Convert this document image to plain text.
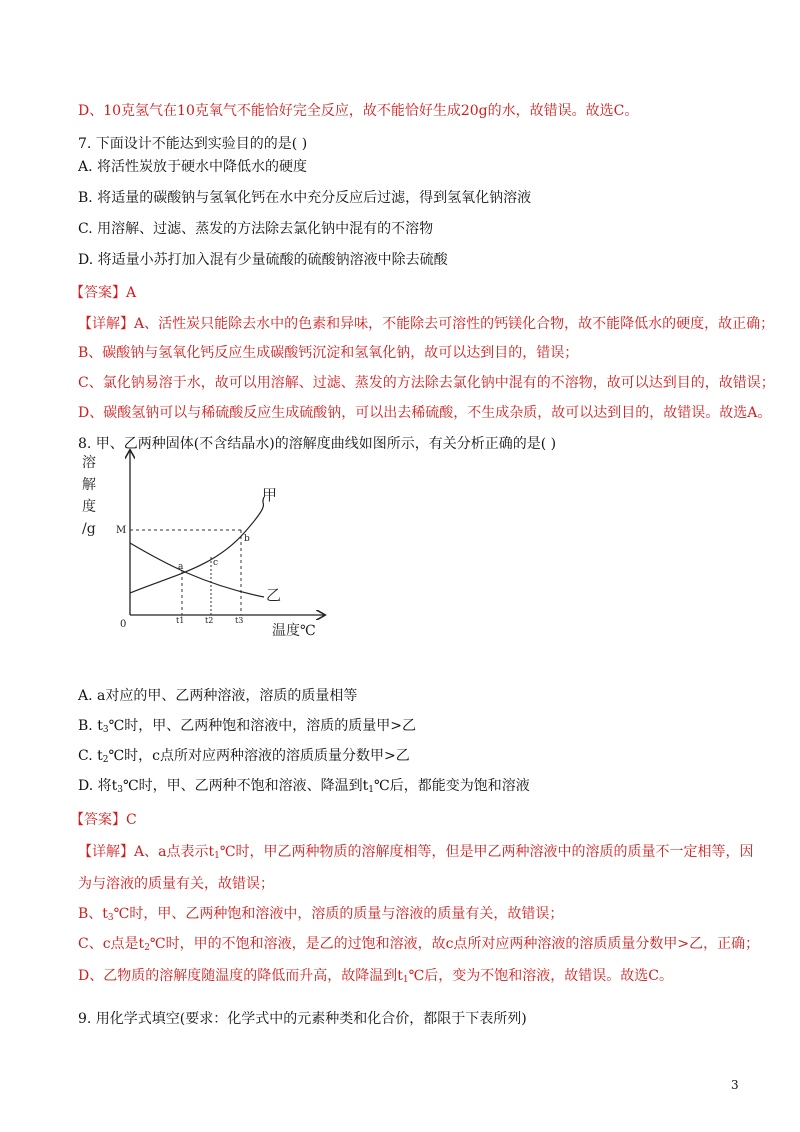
D、10克氢气在10克氧气不能恰好完全反应，故不能恰好生成20g的水，故错误。故选C。
7. 下面设计不能达到实验目的的是( )
A. 将活性炭放于硬水中降低水的硬度
B. 将适量的碳酸钠与氢氧化钙在水中充分反应后过滤，得到氢氧化钠溶液
C. 用溶解、过滤、蒸发的方法除去氯化钠中混有的不溶物
D. 将适量小苏打加入混有少量硫酸的硫酸钠溶液中除去硫酸
【答案】A
【详解】A、活性炭只能除去水中的色素和异味，不能除去可溶性的钙镁化合物，故不能降低水的硬度，故正确；
B、碳酸钠与氢氧化钙反应生成碳酸钙沉淀和氢氧化钠，故可以达到目的，错误；
C、氯化钠易溶于水，故可以用溶解、过滤、蒸发的方法除去氯化钠中混有的不溶物，故可以达到目的，故错误；
D、碳酸氢钠可以与稀硫酸反应生成硫酸钠，可以出去稀硫酸，不生成杂质，故可以达到目的，故错误。故选A。
8. 甲、乙两种固体(不含结晶水)的溶解度曲线如图所示，有关分析正确的是( )
A. a对应的甲、乙两种溶液，溶质的质量相等
B. $t_3℃$时，甲、乙两种饱和溶液中，溶质的质量甲>乙
C. $t_2℃$时，c点所对应两种溶液的溶质质量分数甲>乙
D. 将$t_3℃$时，甲、乙两种不饱和溶液、降温到$t_1℃$后，都能变为饱和溶液
【答案】C
【详解】A、a点表示$t_1℃$时，甲乙两种物质的溶解度相等，但是甲乙两种溶液中的溶质的质量不一定相等，因
为与溶液的质量有关，故错误；
B、$t_3℃$时，甲、乙两种饱和溶液中，溶质的质量与溶液的质量有关，故错误；
C、c点是$t_2℃$时，甲的不饱和溶液，是乙的过饱和溶液，故c点所对应两种溶液的溶质质量分数甲>乙，正确；
D、乙物质的溶解度随温度的降低而升高，故降温到$t_1℃$后，变为不饱和溶液，故错误。故选C。
9. 用化学式填空(要求：化学式中的元素种类和化合价，都限于下表所列)
甲
乙
a	c
b
M
0	t1	t2	t3
温度℃
溶
解
度
/g
3
